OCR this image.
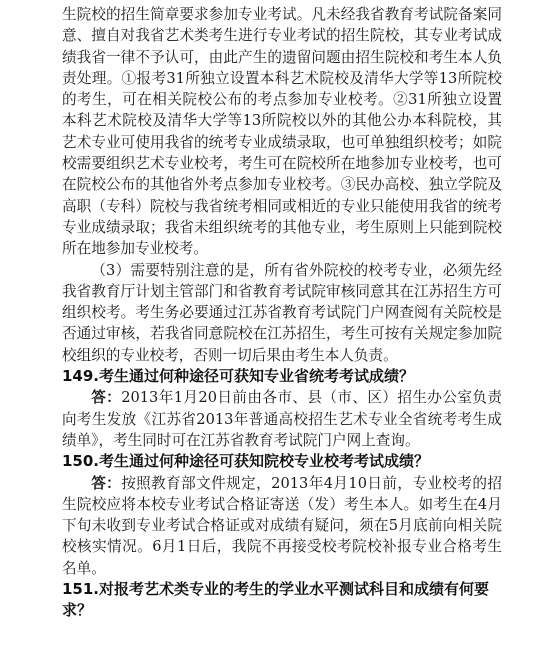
生院校的招生简章要求参加专业考试。凡未经我省教育考试院备案同意、擅自对我省艺术类考生进行专业考试的招生院校，其专业考试成绩我省一律不予认可，由此产生的遗留问题由招生院校和考生本人负责处理。①报考31所独立设置本科艺术院校及清华大学等13所院校的考生，可在相关院校公布的考点参加专业校考。②31所独立设置本科艺术院校及清华大学等13所院校以外的其他公办本科院校，其艺术专业可使用我省的统考专业成绩录取，也可单独组织校考；如院校需要组织艺术专业校考，考生可在院校所在地参加专业校考，也可在院校公布的其他省外考点参加专业校考。③民办高校、独立学院及高职（专科）院校与我省统考相同或相近的专业只能使用我省的统考专业成绩录取；我省未组织统考的其他专业，考生原则上只能到院校所在地参加专业校考。

（3）需要特别注意的是，所有省外院校的校考专业，必须先经我省教育厅计划主管部门和省教育考试院审核同意其在江苏招生方可组织校考。考生务必要通过江苏省教育考试院门户网查阅有关院校是否通过审核，若我省同意院校在江苏招生，考生可按有关规定参加院校组织的专业校考，否则一切后果由考生本人负责。

149.考生通过何种途径可获知专业省统考考试成绩？

答：2013年1月20日前由各市、县（市、区）招生办公室负责向考生发放《江苏省2013年普通高校招生艺术专业全省统考考生成绩单》，考生同时可在江苏省教育考试院门户网上查询。

150.考生通过何种途径可获知院校专业校考考试成绩？

答：按照教育部文件规定，2013年4月10日前，专业校考的招生院校应将本校专业考试合格证寄送（发）考生本人。如考生在4月下旬未收到专业考试合格证或对成绩有疑问，须在5月底前向相关院校核实情况。6月1日后，我院不再接受校考院校补报专业合格考生名单。

151.对报考艺术类专业的考生的学业水平测试科目和成绩有何要求？
